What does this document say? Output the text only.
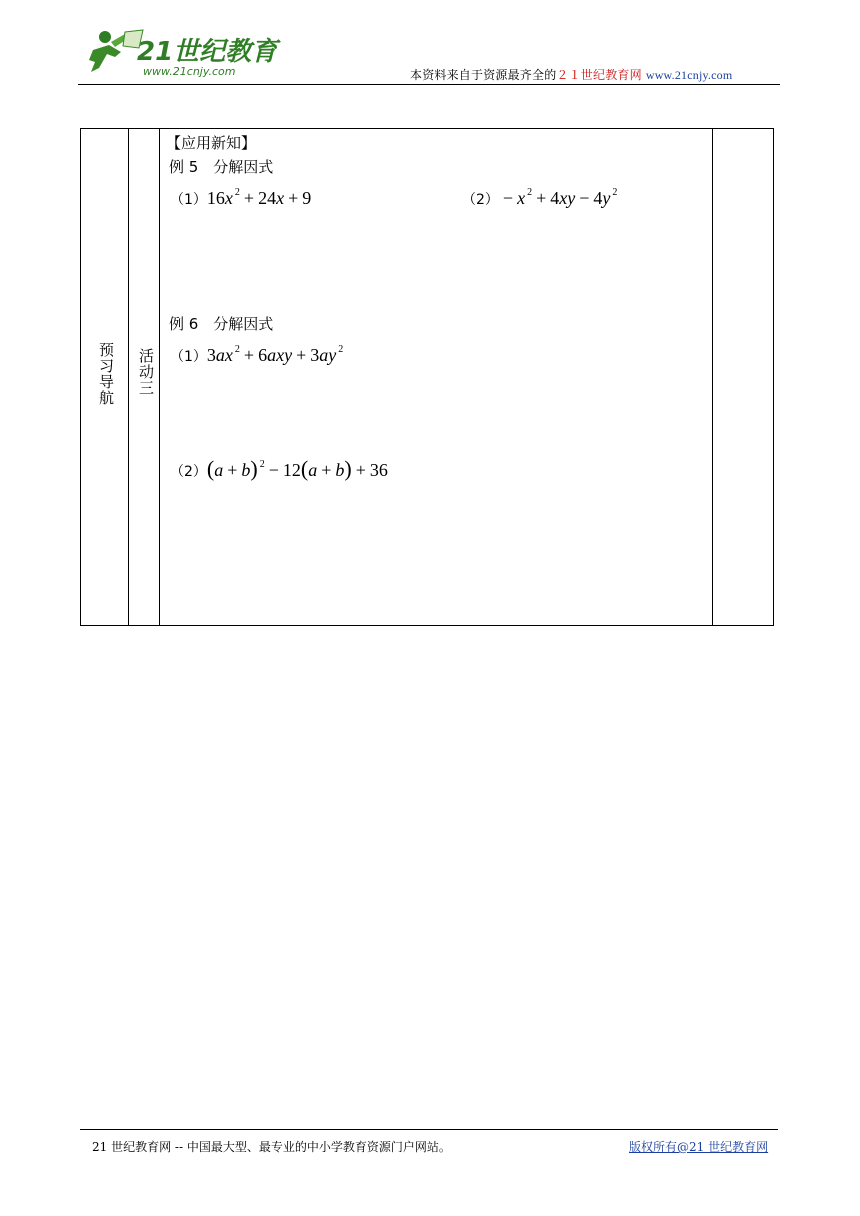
21世纪教育
www.21cnjy.com	本资料来自于资源最齐全的２１世纪教育网 www.21cnjy.com
预习导航 活动三
【应用新知】
例 5　分解因式
（1）16x $^2$ + 24x + 9	（2） − x $^2$ + 4xy − 4y $^2$
例 6　分解因式
（1）3ax $^2$ + 6axy + 3ay $^2$
（2）(a + b) $^2$ − 12(a + b) + 36
21 世纪教育网 -- 中国最大型、最专业的中小学教育资源门户网站。	版权所有@21 世纪教育网
